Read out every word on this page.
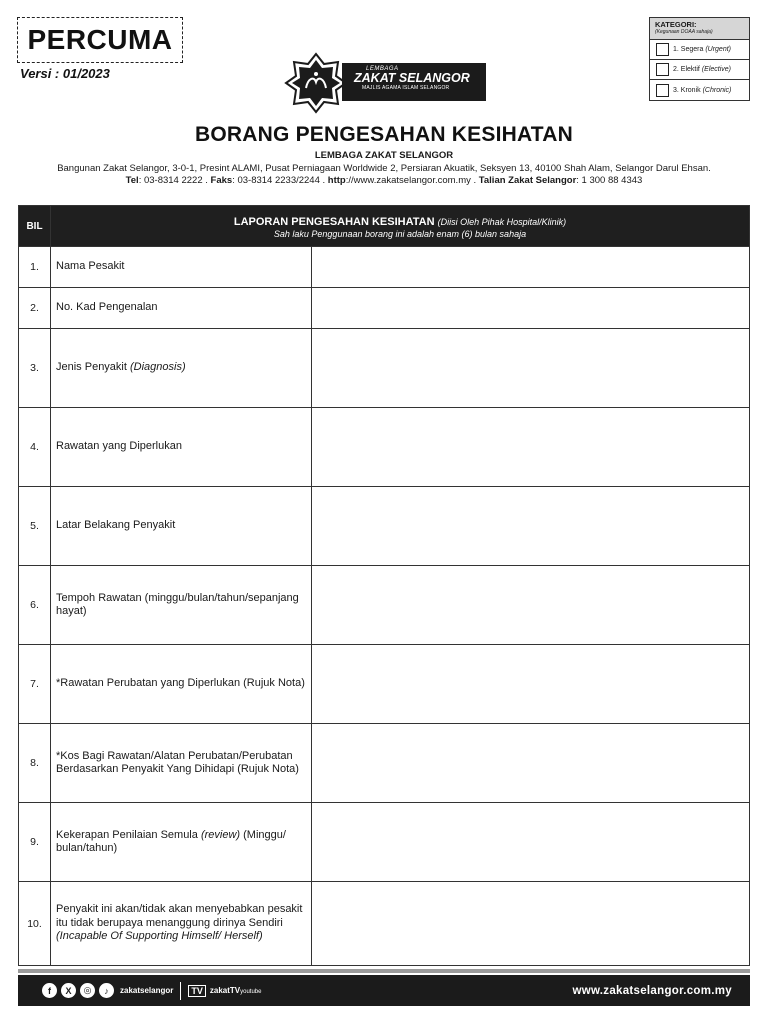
PERCUMA
Versi : 01/2023	LEMBAGA
ZAKAT SELANGOR
MAJLIS AGAMA ISLAM SELANGOR
KATEGORI:
(Kegunaan DOAA sahaja)
1. Segera
(Urgent)
2. Elektif
(Elective)
3. Kronik
(Chronic)
BORANG PENGESAHAN KESIHATAN
LEMBAGA ZAKAT SELANGOR
Bangunan Zakat Selangor, 3-0-1, Presint ALAMI, Pusat Perniagaan Worldwide 2, Persiaran Akuatik, Seksyen 13, 40100 Shah Alam, Selangor Darul Ehsan.
Tel: 03-8314 2222 . Faks: 03-8314 2233/2244 . http://www.zakatselangor.com.my . Talian Zakat Selangor: 1 300 88 4343
BIL	LAPORAN PENGESAHAN KESIHATAN (Diisi Oleh Pihak Hospital/Klinik)
Sah laku Penggunaan borang ini adalah enam (6) bulan sahaja	

1.	Nama Pesakit	
2.	No. Kad Pengenalan	
3.	Jenis Penyakit (Diagnosis)	
4.	Rawatan yang Diperlukan	
5.	Latar Belakang Penyakit	
6.	Tempoh Rawatan (minggu/bulan/tahun/sepanjang hayat)	
7.	*Rawatan Perubatan yang Diperlukan (Rujuk Nota)	
8.	*Kos Bagi Rawatan/Alatan Perubatan/Perubatan Berdasarkan Penyakit Yang Dihidapi (Rujuk Nota)	
9.	Kekerapan Penilaian Semula (review) (Minggu/ bulan/tahun)	
10.	Penyakit ini akan/tidak akan menyebabkan pesakit itu tidak berupaya menanggung dirinya Sendiri (Incapable Of Supporting Himself/ Herself)	
f	X	◎	♪	zakatselangor	TV zakatTVyoutube	www.zakatselangor.com.my
